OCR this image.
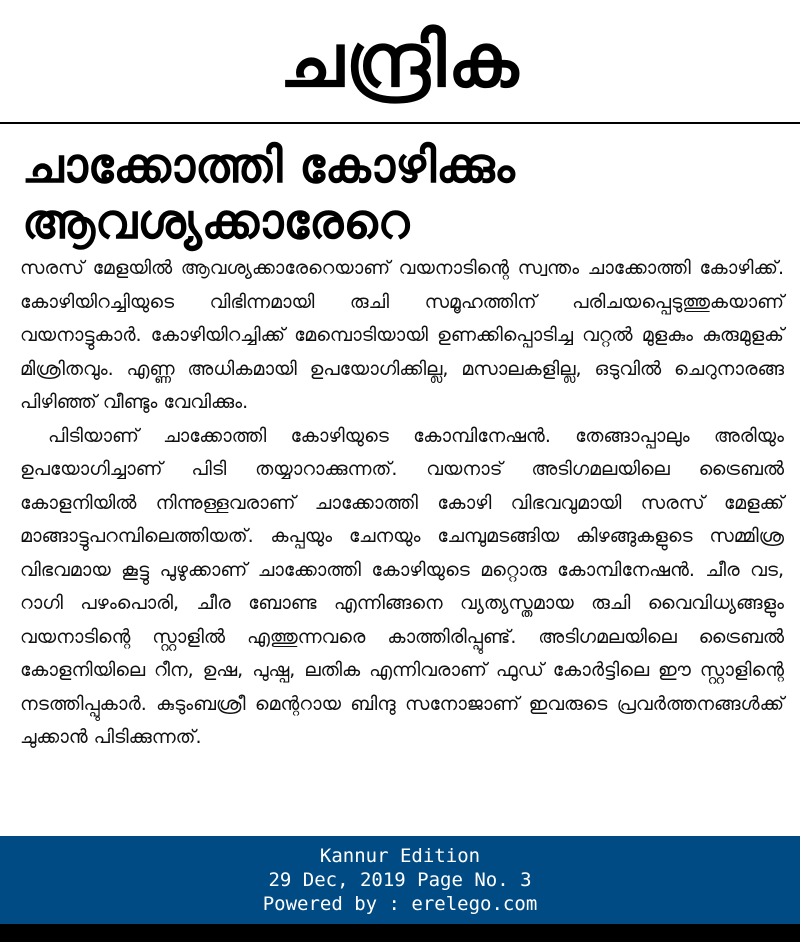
ചന്ദ്രിക
ചാക്കോത്തി കോഴിക്കും ആവശ്യക്കാരേറെ

സരസ് മേളയിൽ ആവശ്യക്കാരേറെയാണ് വയനാടിന്റെ സ്വന്തം ചാക്കോത്തി കോഴിക്ക്. കോഴിയിറച്ചിയുടെ വിഭിന്നമായി രുചി സമൂഹത്തിന് പരിചയപ്പെടുത്തുകയാണ് വയനാട്ടുകാർ. കോഴിയിറച്ചിക്ക് മേമ്പൊടിയായി ഉണക്കിപ്പൊടിച്ച വറ്റൽ മുളകും കുരുമുളക് മിശ്രിതവും. എണ്ണ അധികമായി ഉപയോഗിക്കില്ല, മസാലകളില്ല, ഒടുവിൽ ചെറുനാരങ്ങ പിഴിഞ്ഞ് വീണ്ടും വേവിക്കും.

പിടിയാണ് ചാക്കോത്തി കോഴിയുടെ കോമ്പിനേഷൻ. തേങ്ങാപ്പാലും അരിയും ഉപയോഗിച്ചാണ് പിടി തയ്യാറാക്കുന്നത്. വയനാട് അടിഗമലയിലെ ട്രൈബൽ കോളനിയിൽ നിന്നുള്ളവരാണ് ചാക്കോത്തി കോഴി വിഭവവുമായി സരസ് മേളക്ക് മാങ്ങാട്ടുപറമ്പിലെത്തിയത്. കപ്പയും ചേനയും ചേമ്പുമടങ്ങിയ കിഴങ്ങുകളുടെ സമ്മിശ്ര വിഭവമായ കൂട്ടു പുഴുക്കാണ് ചാക്കോത്തി കോഴിയുടെ മറ്റൊരു കോമ്പിനേഷൻ. ചീര വട, റാഗി പഴംപൊരി, ചീര ബോണ്ട എന്നിങ്ങനെ വ്യത്യസ്തമായ രുചി വൈവിധ്യങ്ങളും വയനാടിന്റെ സ്റ്റാളിൽ എത്തുന്നവരെ കാത്തിരിപ്പുണ്ട്. അടിഗമലയിലെ ട്രൈബൽ കോളനിയിലെ റീന, ഉഷ, പുഷ്പ, ലതിക എന്നിവരാണ് ഫുഡ് കോർട്ടിലെ ഈ സ്റ്റാളിന്റെ നടത്തിപ്പുകാർ. കുടുംബശ്രീ മെന്ററായ ബിന്ദു സനോജാണ് ഇവരുടെ പ്രവർത്തനങ്ങൾക്ക് ചുക്കാൻ പിടിക്കുന്നത്.

Kannur Edition
29 Dec, 2019 Page No. 3
Powered by : erelego.com
